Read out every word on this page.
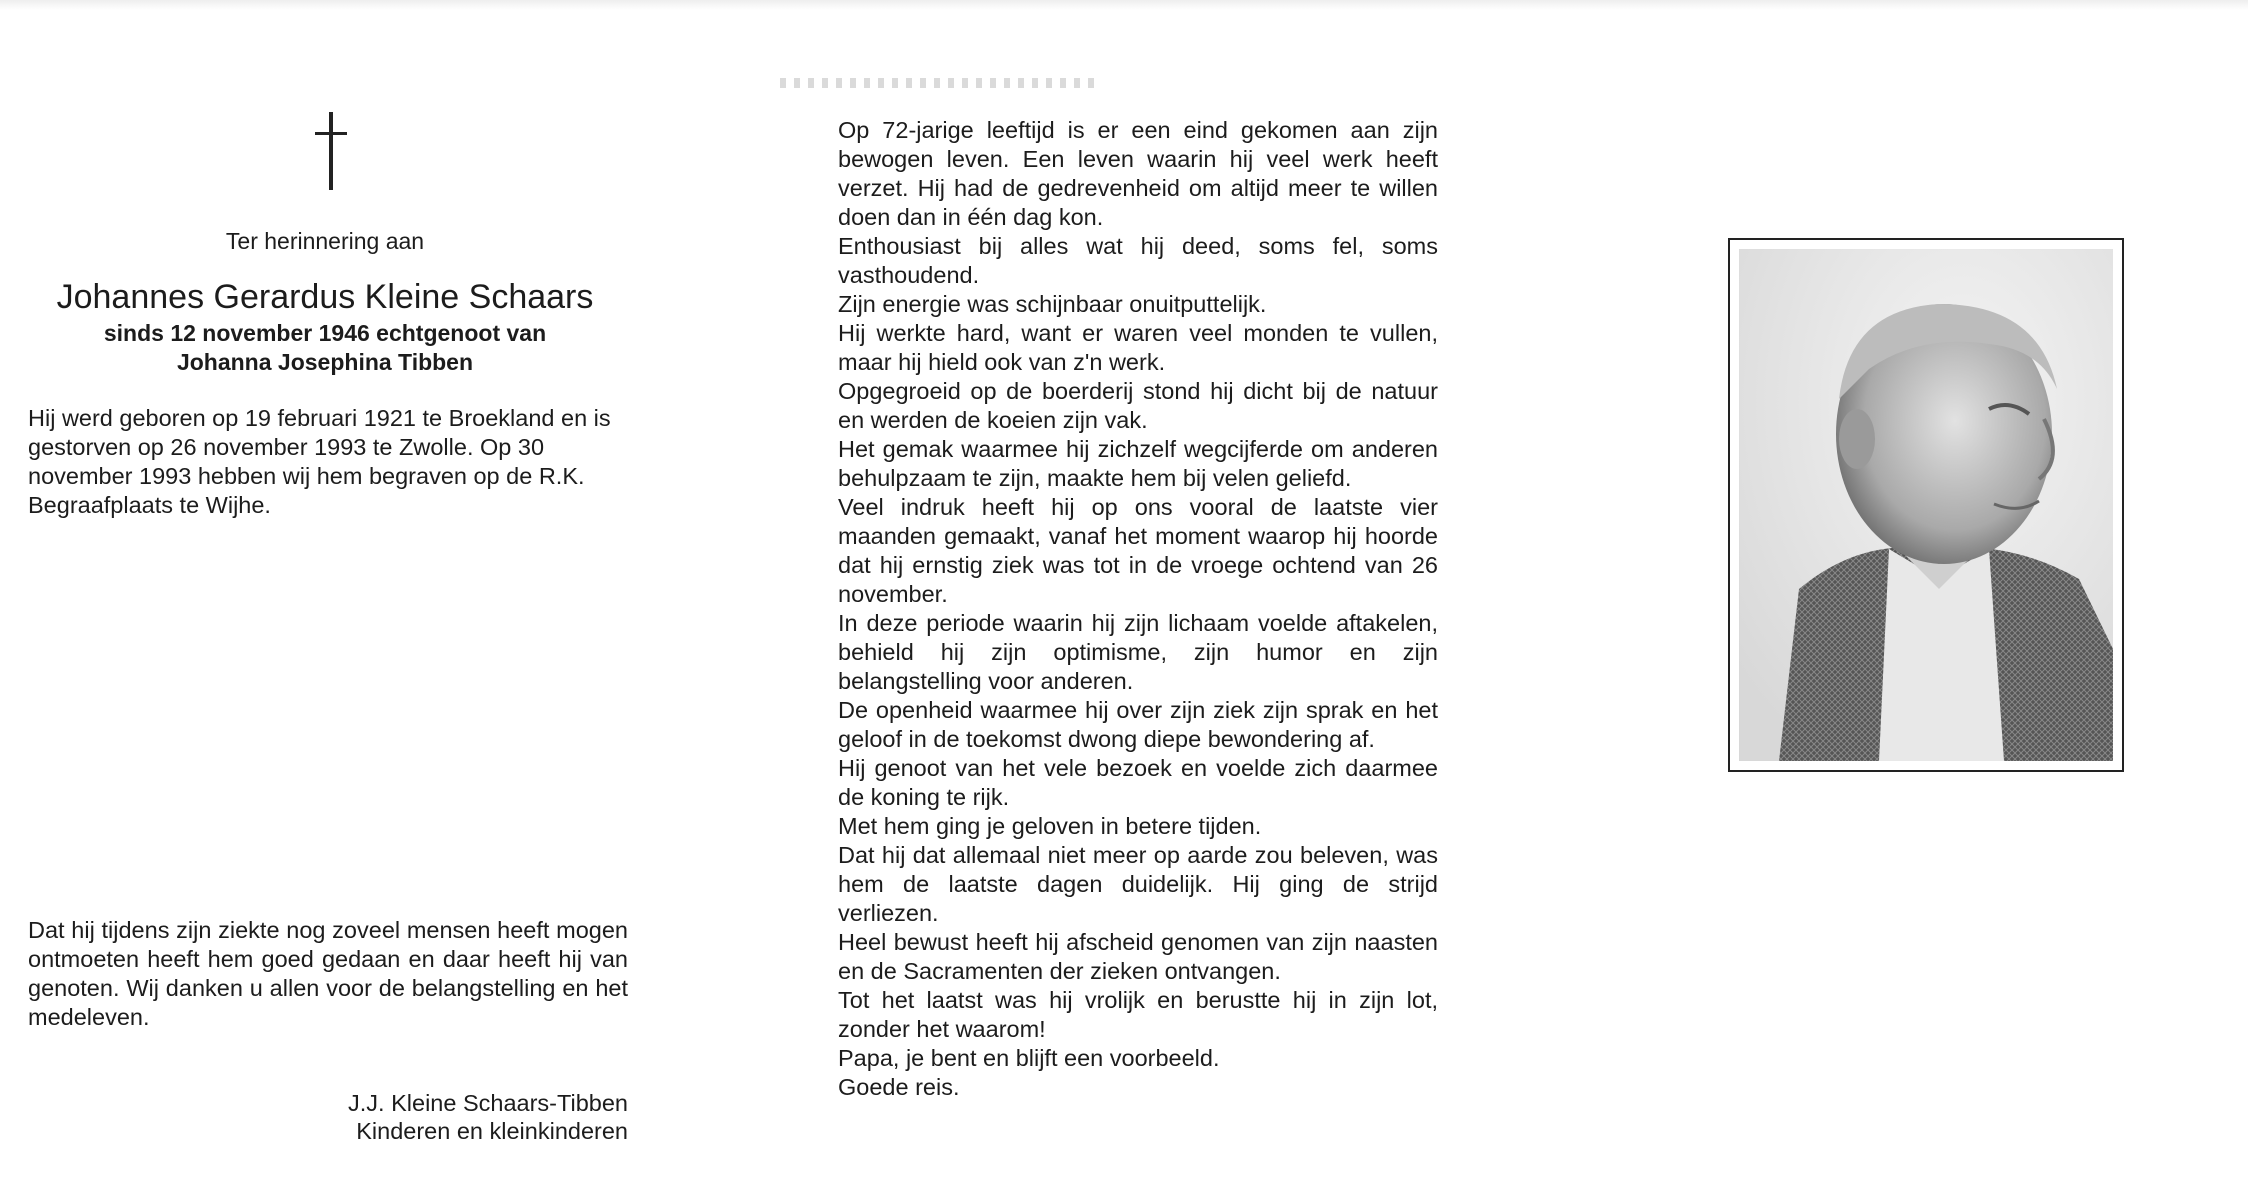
Ter herinnering aan
Johannes Gerardus Kleine Schaars
sinds 12 november 1946 echtgenoot van
Johanna Josephina Tibben

Hij werd geboren op 19 februari 1921 te Broekland en is gestorven op 26 november 1993 te Zwolle. Op 30 november 1993 hebben wij hem begraven op de R.K. Begraafplaats te Wijhe.

Dat hij tijdens zijn ziekte nog zoveel mensen heeft mogen ontmoeten heeft hem goed gedaan en daar heeft hij van genoten. Wij danken u allen voor de belangstelling en het medeleven.

J.J. Kleine Schaars-Tibben
Kinderen en kleinkinderen
Op 72-jarige leeftijd is er een eind gekomen aan zijn bewogen leven. Een leven waarin hij veel werk heeft verzet. Hij had de gedrevenheid om altijd meer te willen doen dan in één dag kon.
Enthousiast bij alles wat hij deed, soms fel, soms vasthoudend.
Zijn energie was schijnbaar onuitputtelijk.
Hij werkte hard, want er waren veel monden te vullen, maar hij hield ook van z'n werk.
Opgegroeid op de boerderij stond hij dicht bij de natuur en werden de koeien zijn vak.
Het gemak waarmee hij zichzelf wegcijferde om anderen behulpzaam te zijn, maakte hem bij velen geliefd.
Veel indruk heeft hij op ons vooral de laatste vier maanden gemaakt, vanaf het moment waarop hij hoorde dat hij ernstig ziek was tot in de vroege ochtend van 26 november.
In deze periode waarin hij zijn lichaam voelde aftakelen, behield hij zijn optimisme, zijn humor en zijn belangstelling voor anderen.
De openheid waarmee hij over zijn ziek zijn sprak en het geloof in de toekomst dwong diepe bewondering af.
Hij genoot van het vele bezoek en voelde zich daarmee de koning te rijk.
Met hem ging je geloven in betere tijden.
Dat hij dat allemaal niet meer op aarde zou beleven, was hem de laatste dagen duidelijk. Hij ging de strijd verliezen.
Heel bewust heeft hij afscheid genomen van zijn naasten en de Sacramenten der zieken ontvangen.
Tot het laatst was hij vrolijk en berustte hij in zijn lot, zonder het waarom!
Papa, je bent en blijft een voorbeeld.
Goede reis.
